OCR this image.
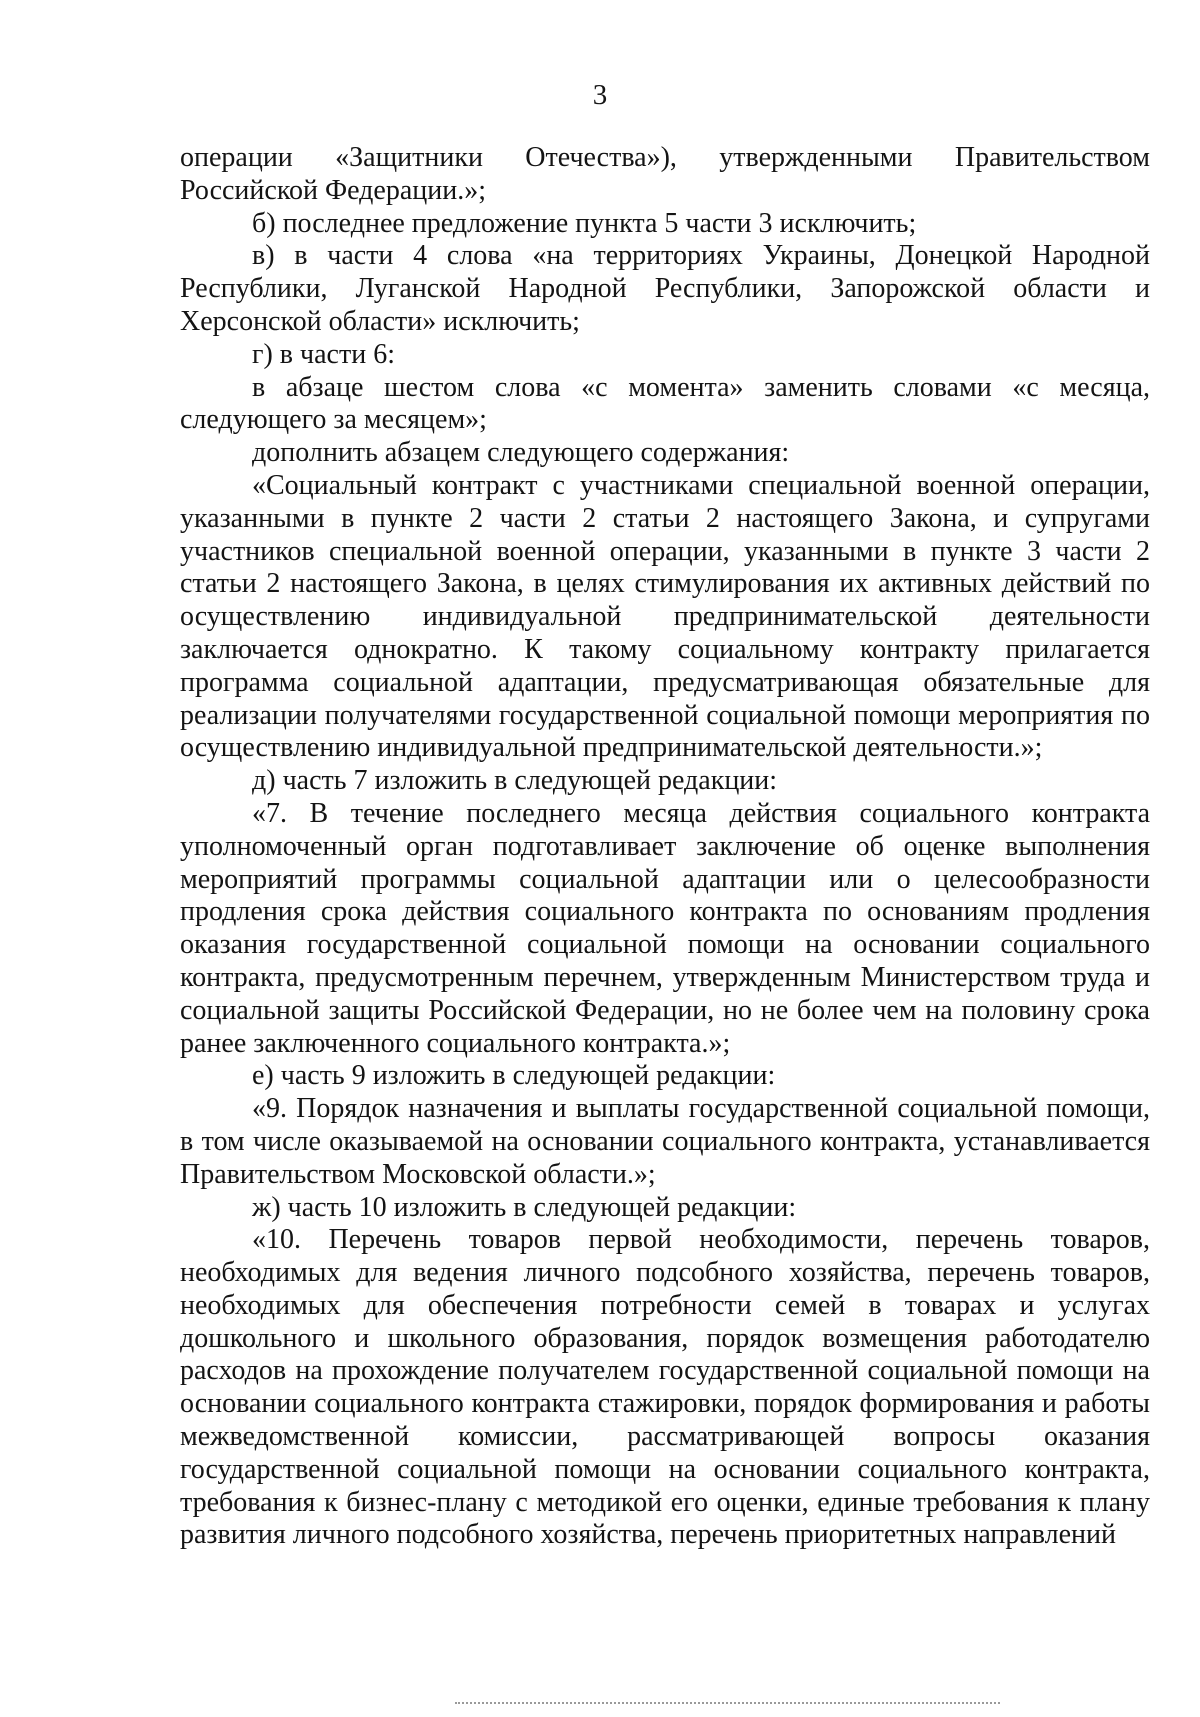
3

операции «Защитники Отечества»), утвержденными Правительством Российской Федерации.»;

б) последнее предложение пункта 5 части 3 исключить;

в) в части 4 слова «на территориях Украины, Донецкой Народной Республики, Луганской Народной Республики, Запорожской области и Херсонской области» исключить;

г) в части 6:

в абзаце шестом слова «с момента» заменить словами «с месяца, следующего за месяцем»;

дополнить абзацем следующего содержания:

«Социальный контракт с участниками специальной военной операции, указанными в пункте 2 части 2 статьи 2 настоящего Закона, и супругами участников специальной военной операции, указанными в пункте 3 части 2 статьи 2 настоящего Закона, в целях стимулирования их активных действий по осуществлению индивидуальной предпринимательской деятельности заключается однократно. К такому социальному контракту прилагается программа социальной адаптации, предусматривающая обязательные для реализации получателями государственной социальной помощи мероприятия по осуществлению индивидуальной предпринимательской деятельности.»;

д) часть 7 изложить в следующей редакции:

«7. В течение последнего месяца действия социального контракта уполномоченный орган подготавливает заключение об оценке выполнения мероприятий программы социальной адаптации или о целесообразности продления срока действия социального контракта по основаниям продления оказания государственной социальной помощи на основании социального контракта, предусмотренным перечнем, утвержденным Министерством труда и социальной защиты Российской Федерации, но не более чем на половину срока ранее заключенного социального контракта.»;

е) часть 9 изложить в следующей редакции:

«9. Порядок назначения и выплаты государственной социальной помощи, в том числе оказываемой на основании социального контракта, устанавливается Правительством Московской области.»;

ж) часть 10 изложить в следующей редакции:

«10. Перечень товаров первой необходимости, перечень товаров, необходимых для ведения личного подсобного хозяйства, перечень товаров, необходимых для обеспечения потребности семей в товарах и услугах дошкольного и школьного образования, порядок возмещения работодателю расходов на прохождение получателем государственной социальной помощи на основании социального контракта стажировки, порядок формирования и работы межведомственной комиссии, рассматривающей вопросы оказания государственной социальной помощи на основании социального контракта, требования к бизнес-плану с методикой его оценки, единые требования к плану развития личного подсобного хозяйства, перечень приоритетных направлений
